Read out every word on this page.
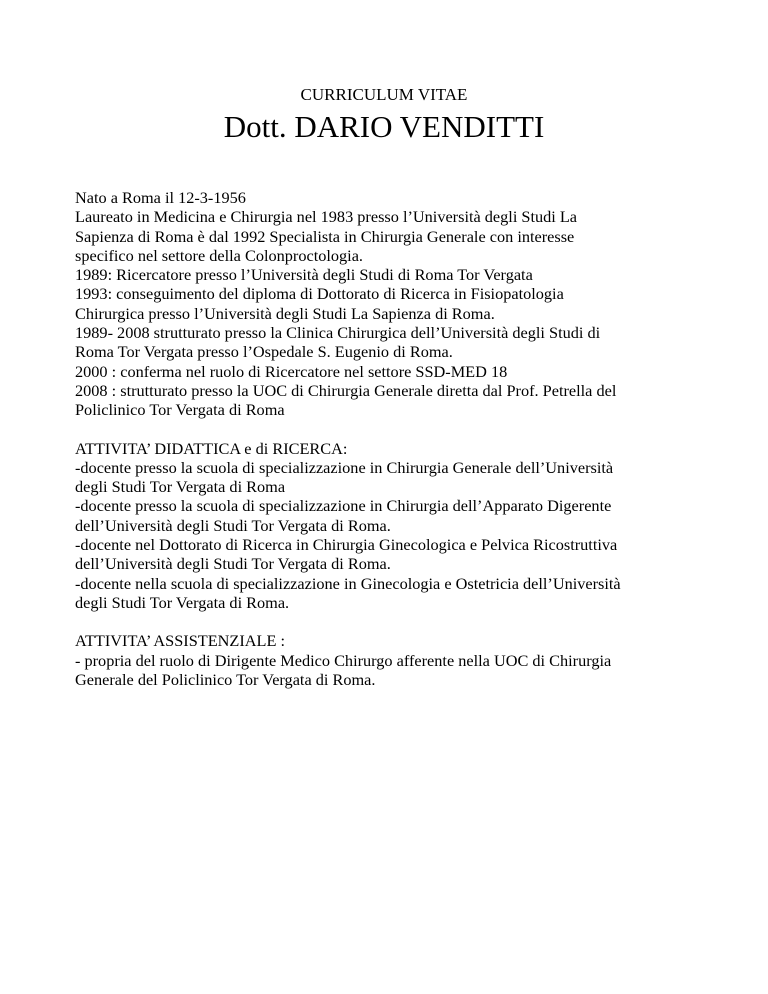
CURRICULUM VITAE
Dott. DARIO VENDITTI
Nato a Roma il 12-3-1956
Laureato in Medicina e Chirurgia nel 1983 presso l’Università degli Studi La
Sapienza di Roma è dal 1992 Specialista in Chirurgia Generale con interesse
specifico nel settore della Colonproctologia.
1989: Ricercatore presso l’Università degli Studi di Roma Tor Vergata
1993: conseguimento del diploma di Dottorato di Ricerca in Fisiopatologia
Chirurgica presso l’Università degli Studi La Sapienza di Roma.
1989- 2008 strutturato presso la Clinica Chirurgica dell’Università degli Studi di
Roma Tor Vergata presso l’Ospedale S. Eugenio di Roma.
2000 : conferma nel ruolo di Ricercatore nel settore SSD-MED 18
2008 : strutturato presso la UOC di Chirurgia Generale diretta dal Prof. Petrella del
Policlinico Tor Vergata di Roma
ATTIVITA’ DIDATTICA e di RICERCA:
-docente presso la scuola di specializzazione in Chirurgia Generale dell’Università
degli Studi Tor Vergata di Roma
-docente presso la scuola di specializzazione in Chirurgia dell’Apparato Digerente
dell’Università degli Studi Tor Vergata di Roma.
-docente nel Dottorato di Ricerca in Chirurgia Ginecologica e Pelvica Ricostruttiva
dell’Università degli Studi Tor Vergata di Roma.
-docente nella scuola di specializzazione in Ginecologia e Ostetricia dell’Università
degli Studi Tor Vergata di Roma.
ATTIVITA’ ASSISTENZIALE :
- propria del ruolo di Dirigente Medico Chirurgo afferente nella UOC di Chirurgia
Generale del Policlinico Tor Vergata di Roma.
